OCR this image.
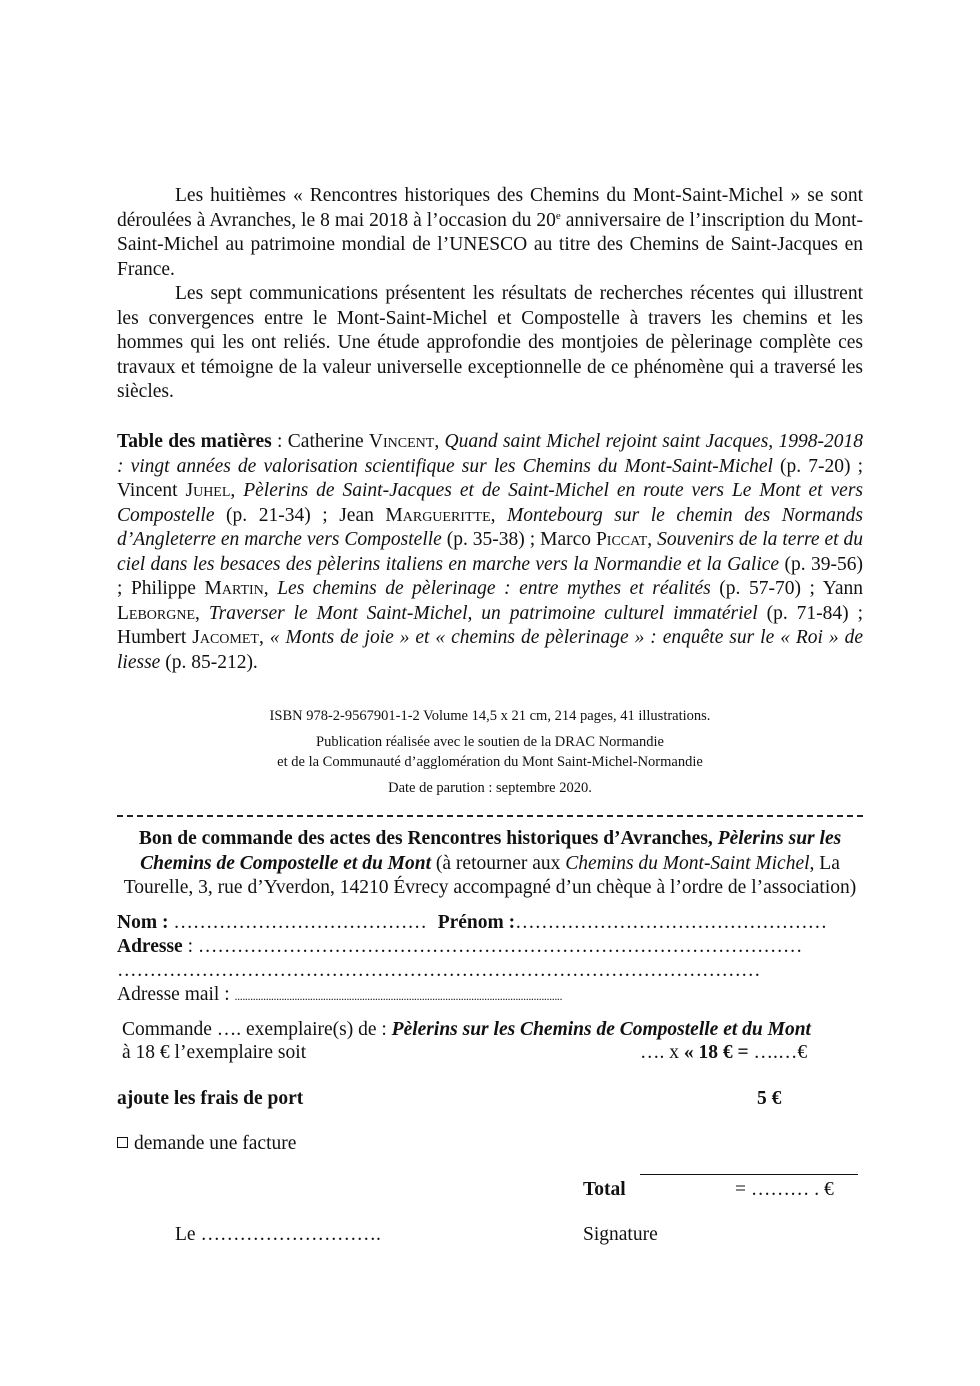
Les huitièmes « Rencontres historiques des Chemins du Mont-Saint-Michel » se sont déroulées à Avranches, le 8 mai 2018 à l’occasion du 20e anniversaire de l’inscription du Mont-Saint-Michel au patrimoine mondial de l’UNESCO au titre des Chemins de Saint-Jacques en France.
Les sept communications présentent les résultats de recherches récentes qui illustrent les convergences entre le Mont-Saint-Michel et Compostelle à travers les chemins et les hommes qui les ont reliés. Une étude approfondie des montjoies de pèlerinage complète ces travaux et témoigne de la valeur universelle exceptionnelle de ce phénomène qui a traversé les siècles.
Table des matières : Catherine Vincent, Quand saint Michel rejoint saint Jacques, 1998-2018 : vingt années de valorisation scientifique sur les Chemins du Mont-Saint-Michel (p. 7-20) ; Vincent Juhel, Pèlerins de Saint-Jacques et de Saint-Michel en route vers Le Mont et vers Compostelle (p. 21-34) ; Jean Margueritte, Montebourg sur le chemin des Normands d’Angleterre en marche vers Compostelle (p. 35-38) ; Marco Piccat, Souvenirs de la terre et du ciel dans les besaces des pèlerins italiens en marche vers la Normandie et la Galice (p. 39-56) ; Philippe Martin, Les chemins de pèlerinage : entre mythes et réalités (p. 57-70) ; Yann Leborgne, Traverser le Mont Saint-Michel, un patrimoine culturel immatériel (p. 71-84) ; Humbert Jacomet, « Monts de joie » et « chemins de pèlerinage » : enquête sur le « Roi » de liesse (p. 85-212).
ISBN 978-2-9567901-1-2 Volume 14,5 x 21 cm, 214 pages, 41 illustrations.
Publication réalisée avec le soutien de la DRAC Normandie
et de la Communauté d’agglomération du Mont Saint-Michel-Normandie
Date de parution : septembre 2020.
Bon de commande des actes des Rencontres historiques d’Avranches, Pèlerins sur les Chemins de Compostelle et du Mont (à retourner aux Chemins du Mont-Saint Michel, La Tourelle, 3, rue d’Yverdon, 14210 Évrecy accompagné d’un chèque à l’ordre de l’association)
Nom : ………………………………… Prénom :…………………………………………
Adresse : …………………………………………………………………………………
………………………………………………………………………………………
Adresse mail : ..............................................................................................................................
Commande …. exemplaire(s) de : Pèlerins sur les Chemins de Compostelle et du Mont
à 18 € l’exemplaire soit	…. x « 18 € = ….…€
ajoute les frais de port	5 €
demande une facture
Total	= ……… . €
Le ……………………….	Signature
